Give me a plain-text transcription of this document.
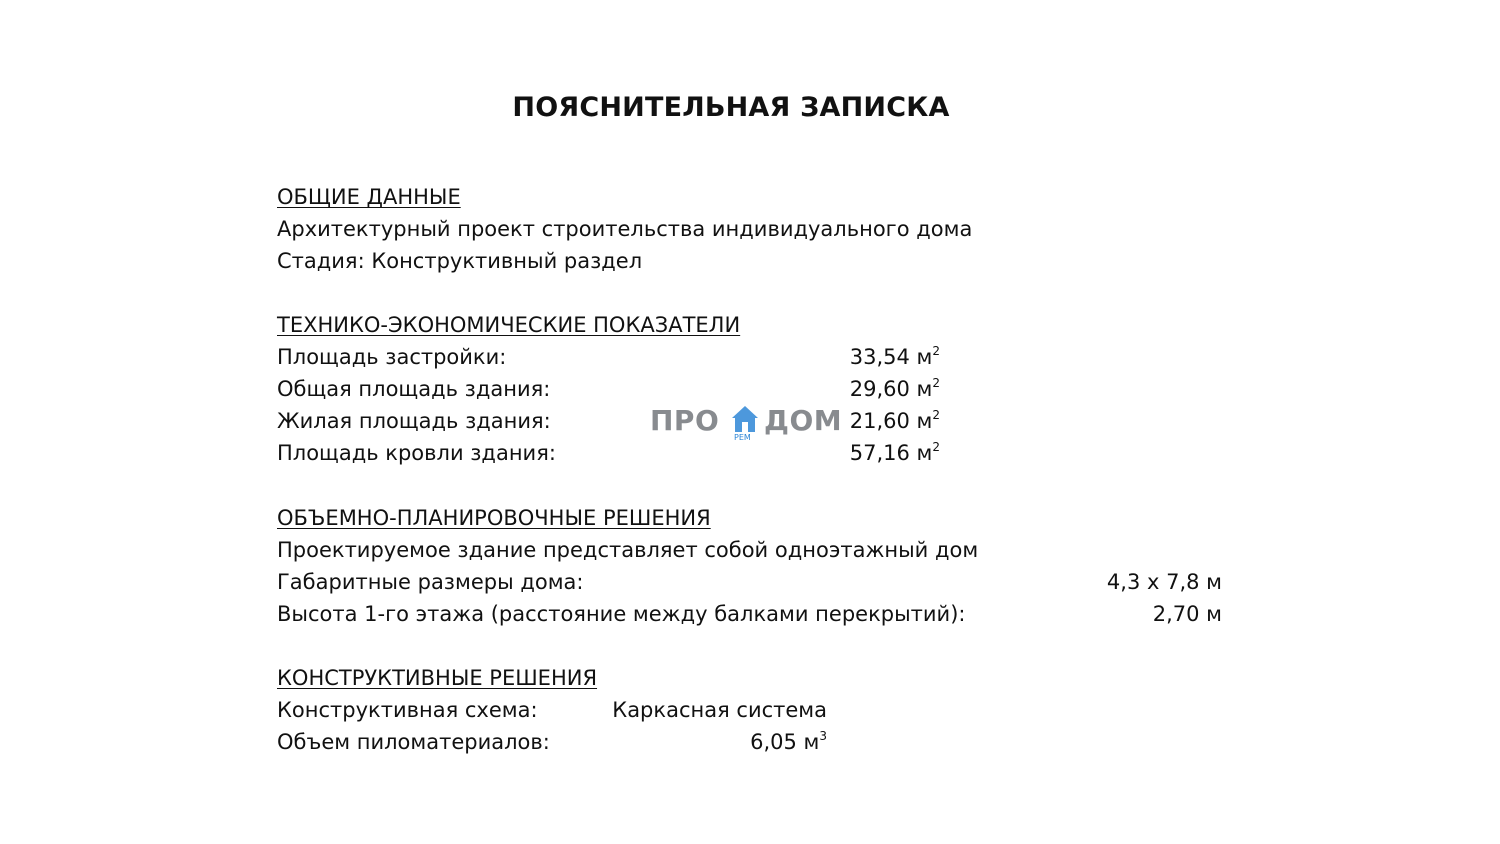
ПОЯСНИТЕЛЬНАЯ ЗАПИСКА
ОБЩИЕ ДАННЫЕ
Архитектурный проект строительства индивидуального дома
Стадия: Конструктивный раздел
ТЕХНИКО-ЭКОНОМИЧЕСКИЕ ПОКАЗАТЕЛИ
Площадь застройки:	33,54 $м^2$
Общая площадь здания:	29,60 $м^2$
Жилая площадь здания:	21,60 $м^2$
Площадь кровли здания:	57,16 $м^2$
ПРО
РЕМ
ДОМ
ОБЪЕМНО-ПЛАНИРОВОЧНЫЕ РЕШЕНИЯ
Проектируемое здание представляет собой одноэтажный дом
Габаритные размеры дома:	4,3 х 7,8 м
Высота 1-го этажа (расстояние между балками перекрытий):	2,70 м
КОНСТРУКТИВНЫЕ РЕШЕНИЯ
Конструктивная схема:	Каркасная система
Объем пиломатериалов:	6,05 $м^3$
